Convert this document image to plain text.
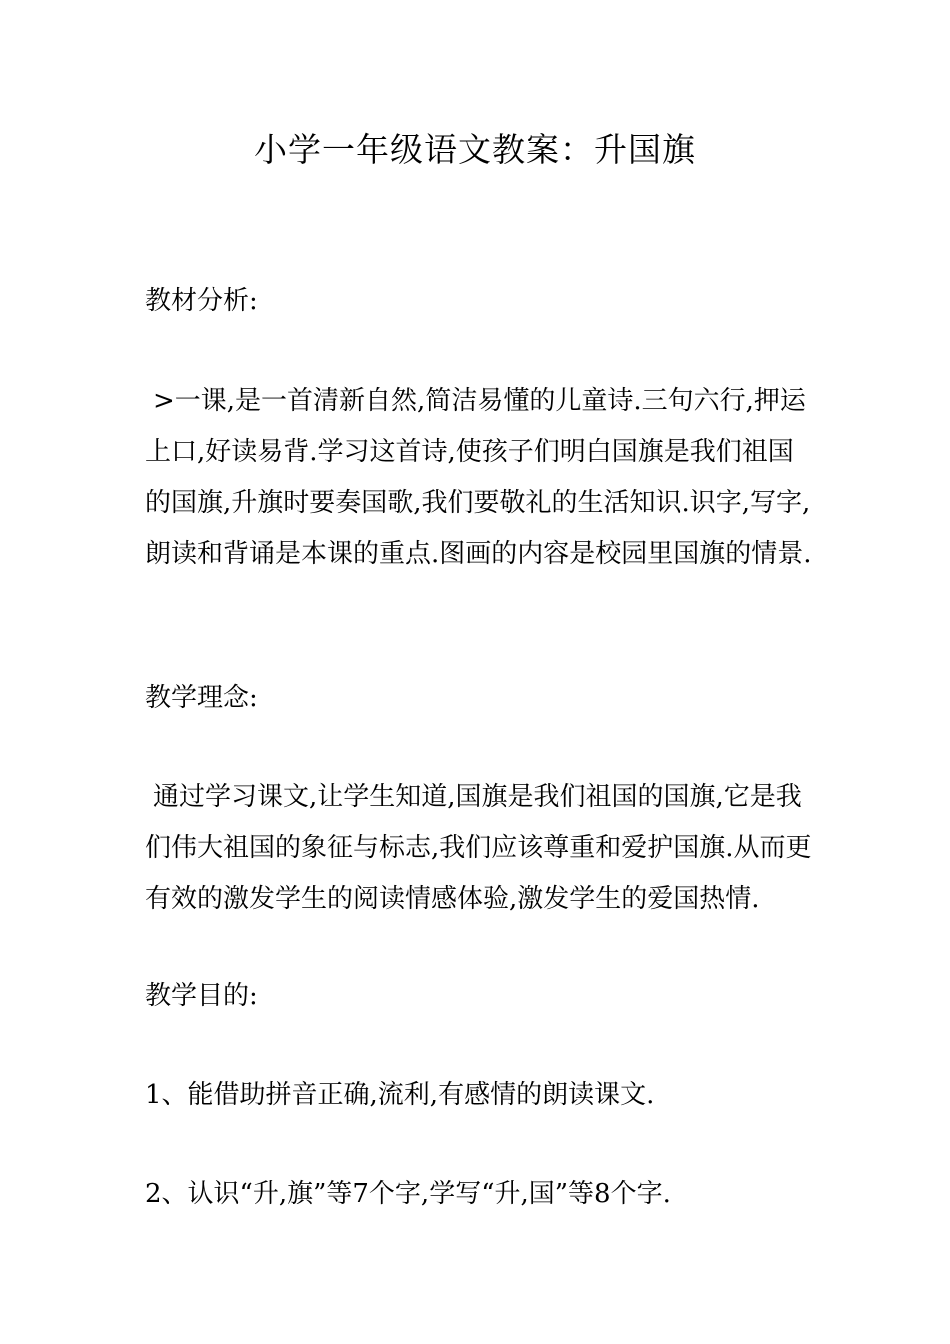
小学一年级语文教案：升国旗
教材分析:

>一课,是一首清新自然,简洁易懂的儿童诗.三句六行,押运上口,好读易背.学习这首诗,使孩子们明白国旗是我们祖国的国旗,升旗时要奏国歌,我们要敬礼的生活知识.识字,写字,朗读和背诵是本课的重点.图画的内容是校园里国旗的情景.

教学理念:

通过学习课文,让学生知道,国旗是我们祖国的国旗,它是我们伟大祖国的象征与标志,我们应该尊重和爱护国旗.从而更有效的激发学生的阅读情感体验,激发学生的爱国热情.

教学目的:
1、能借助拼音正确,流利,有感情的朗读课文.
2、认识“升,旗”等7个字,学写“升,国”等8个字.
